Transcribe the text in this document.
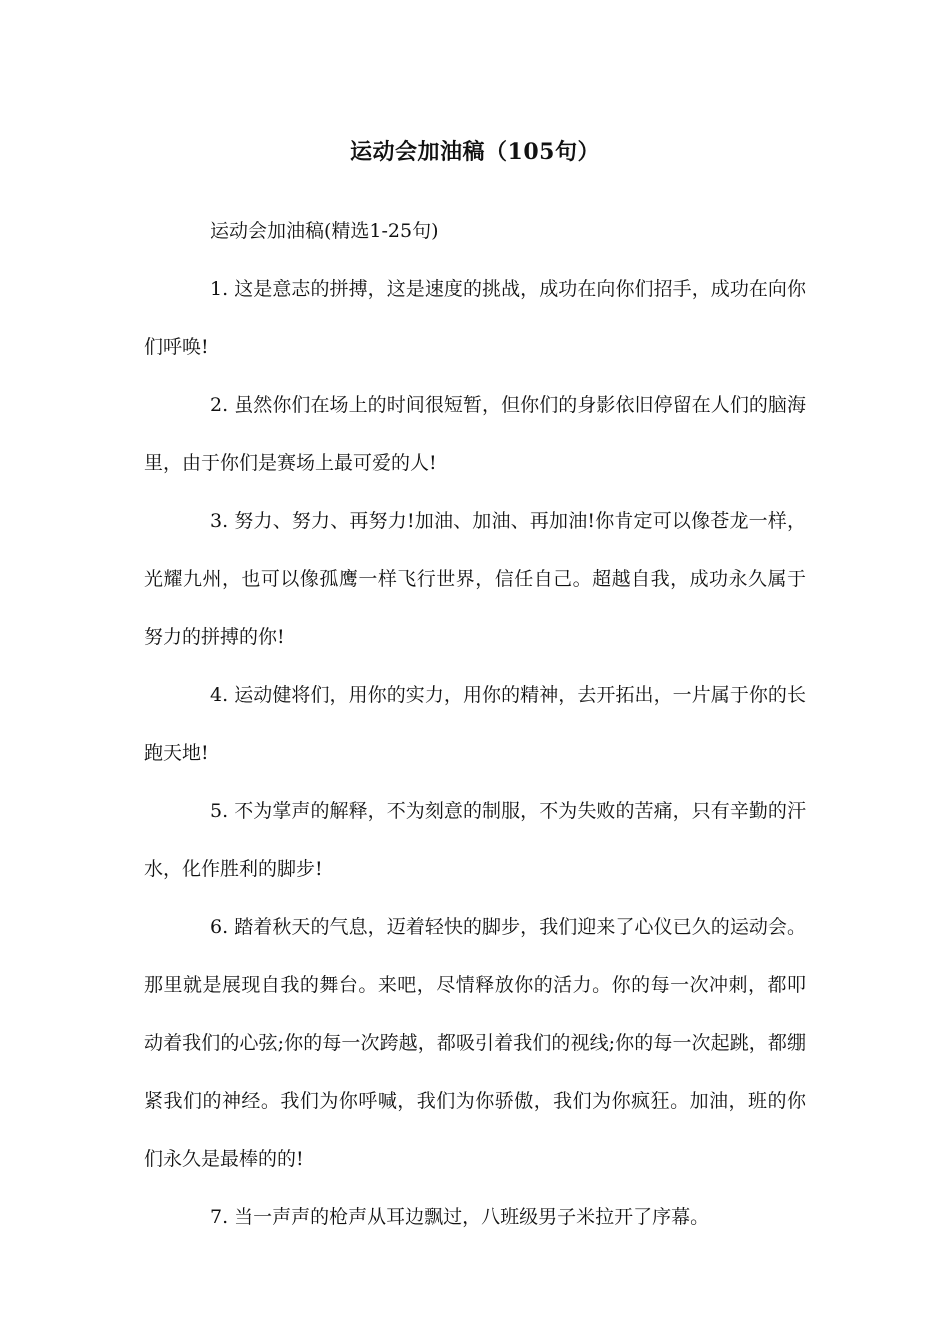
运动会加油稿（105句）

运动会加油稿(精选1-25句)

1. 这是意志的拼搏，这是速度的挑战，成功在向你们招手，成功在向你们呼唤!

2. 虽然你们在场上的时间很短暂，但你们的身影依旧停留在人们的脑海里，由于你们是赛场上最可爱的人!

3. 努力、努力、再努力!加油、加油、再加油!你肯定可以像苍龙一样，光耀九州，也可以像孤鹰一样飞行世界，信任自己。超越自我，成功永久属于努力的拼搏的你!

4. 运动健将们，用你的实力，用你的精神，去开拓出，一片属于你的长跑天地!

5. 不为掌声的解释，不为刻意的制服，不为失败的苦痛，只有辛勤的汗水，化作胜利的脚步!

6. 踏着秋天的气息，迈着轻快的脚步，我们迎来了心仪已久的运动会。那里就是展现自我的舞台。来吧，尽情释放你的活力。你的每一次冲刺，都叩动着我们的心弦;你的每一次跨越，都吸引着我们的视线;你的每一次起跳，都绷紧我们的神经。我们为你呼喊，我们为你骄傲，我们为你疯狂。加油，班的你们永久是最棒的的!

7. 当一声声的枪声从耳边飘过，八班级男子米拉开了序幕。
